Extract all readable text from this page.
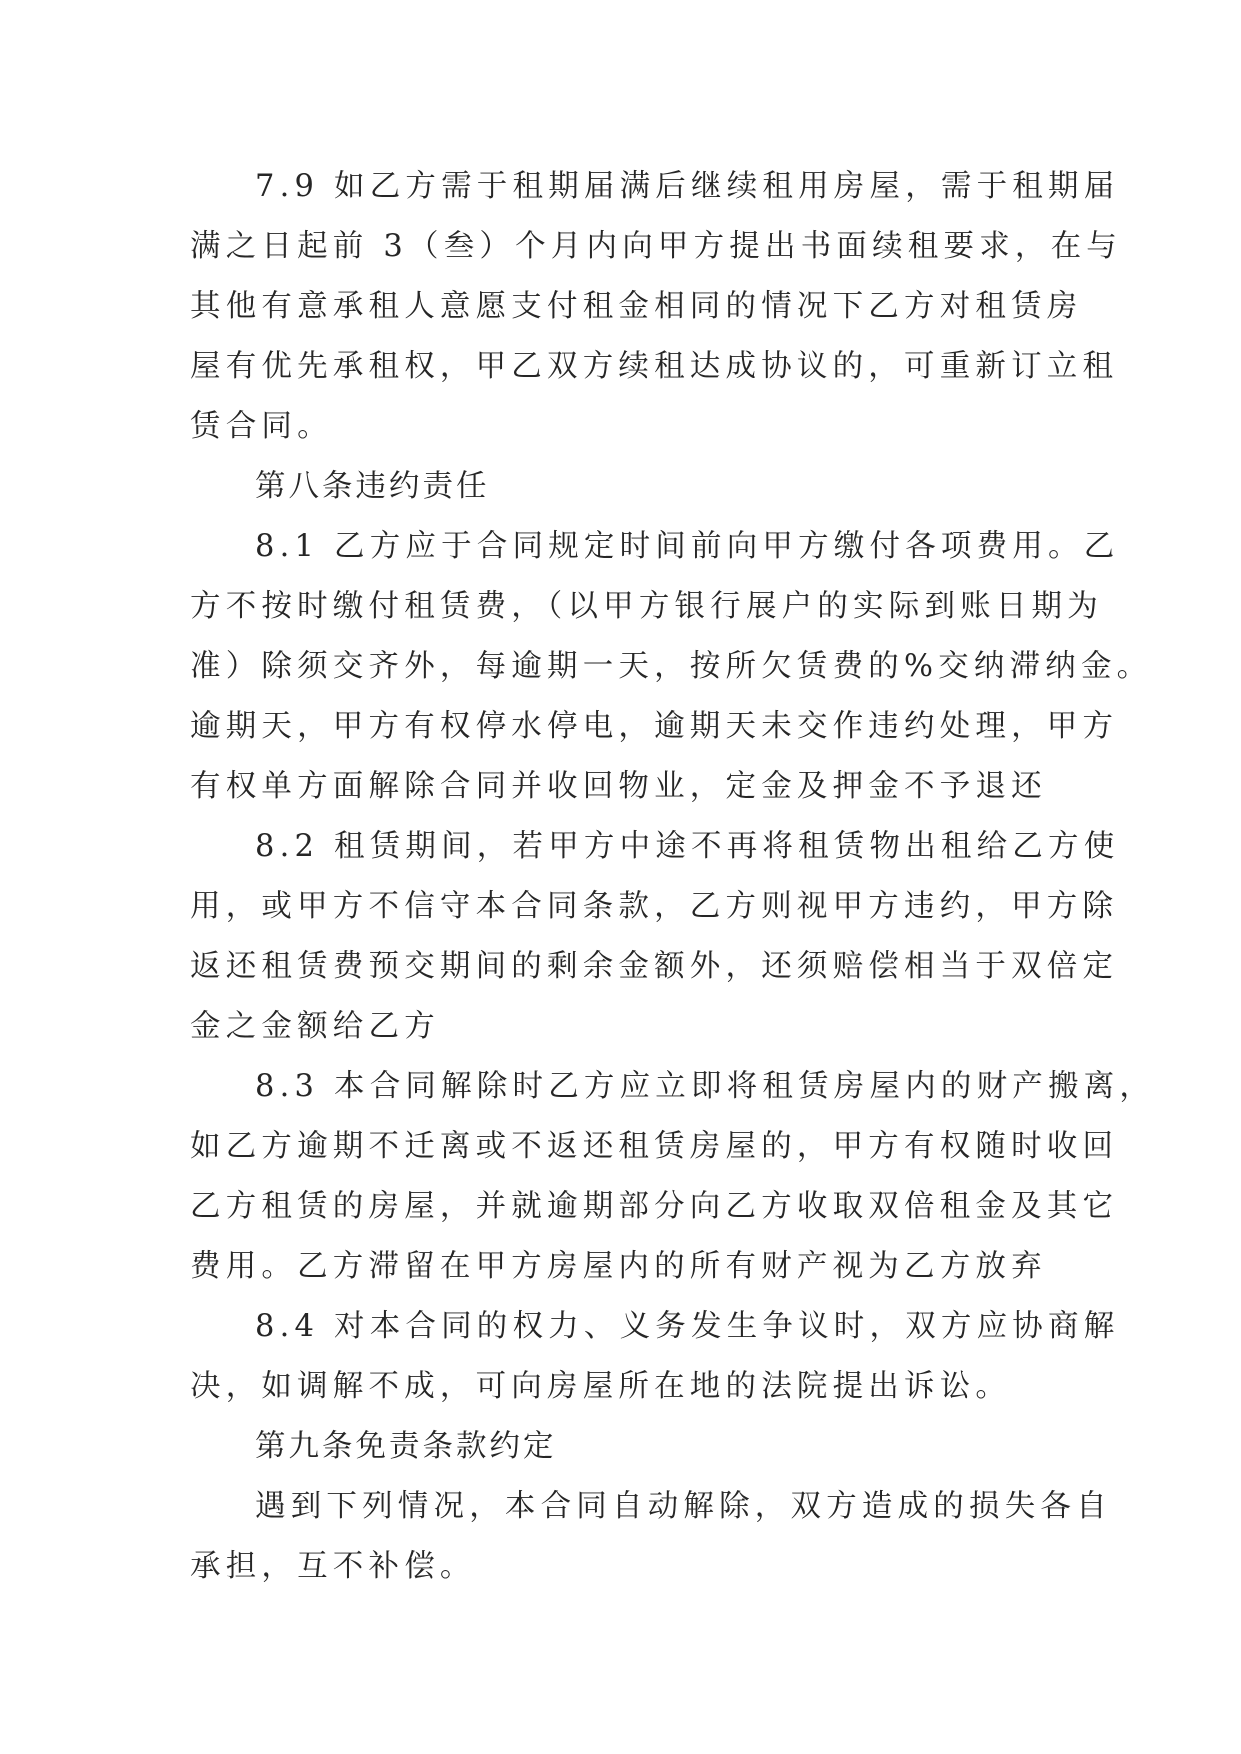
7.9 如乙方需于租期届满后继续租用房屋，需于租期届
满之日起前 3（叁）个月内向甲方提出书面续租要求，在与
其他有意承租人意愿支付租金相同的情况下乙方对租赁房
屋有优先承租权，甲乙双方续租达成协议的，可重新订立租
赁合同。
第八条违约责任
8.1 乙方应于合同规定时间前向甲方缴付各项费用。乙
方不按时缴付租赁费，（以甲方银行展户的实际到账日期为
准）除须交齐外，每逾期一天，按所欠赁费的%交纳滞纳金。
逾期天，甲方有权停水停电，逾期天未交作违约处理，甲方
有权单方面解除合同并收回物业，定金及押金不予退还
8.2 租赁期间，若甲方中途不再将租赁物出租给乙方使
用，或甲方不信守本合同条款，乙方则视甲方违约，甲方除
返还租赁费预交期间的剩余金额外，还须赔偿相当于双倍定
金之金额给乙方
8.3 本合同解除时乙方应立即将租赁房屋内的财产搬离，
如乙方逾期不迁离或不返还租赁房屋的，甲方有权随时收回
乙方租赁的房屋，并就逾期部分向乙方收取双倍租金及其它
费用。乙方滞留在甲方房屋内的所有财产视为乙方放弃
8.4 对本合同的权力、义务发生争议时，双方应协商解
决，如调解不成，可向房屋所在地的法院提出诉讼。
第九条免责条款约定
遇到下列情况，本合同自动解除，双方造成的损失各自
承担，互不补偿。
